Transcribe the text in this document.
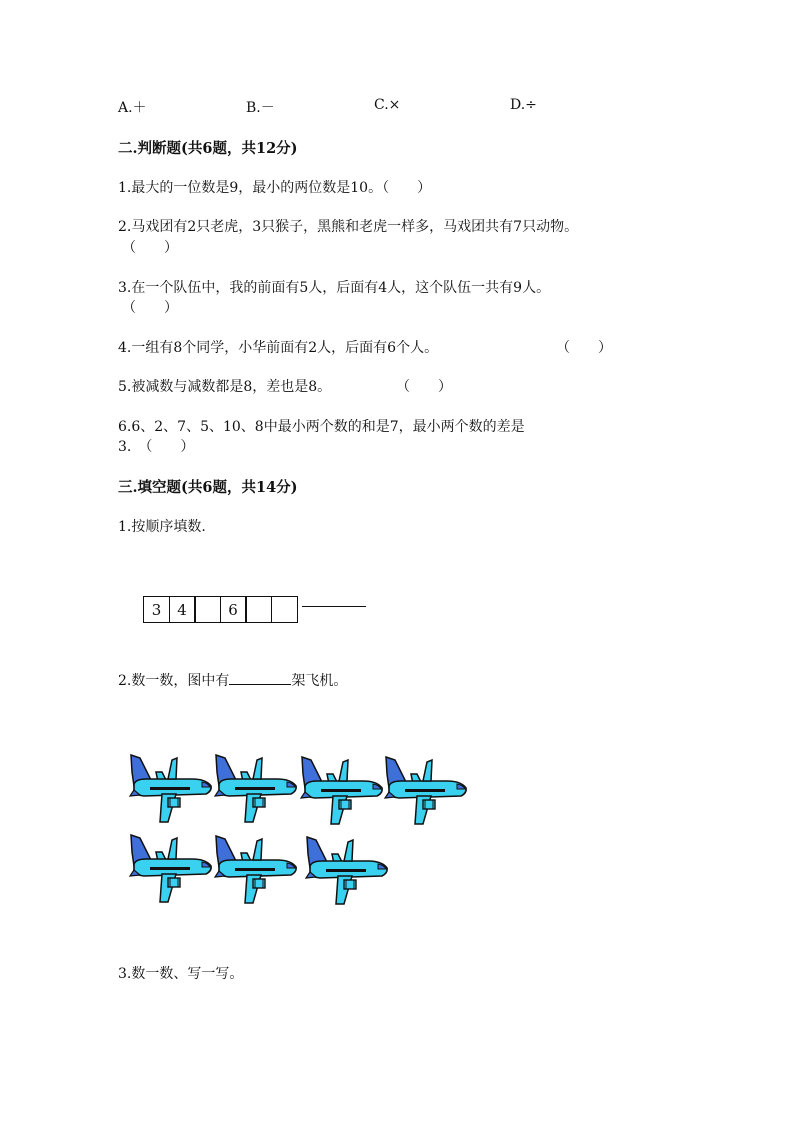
A.＋	B.－	C.×	D.÷
二.判断题(共6题，共12分)
1.最大的一位数是9，最小的两位数是10。（　　）
2.马戏团有2只老虎，3只猴子，黑熊和老虎一样多，马戏团共有7只动物。
（　　）
3.在一个队伍中，我的前面有5人，后面有4人，这个队伍一共有9人。
（　　）
4.一组有8个同学，小华前面有2人，后面有6个人。	（　　）
5.被减数与减数都是8，差也是8。	（　　）
6.6、2、7、5、10、8中最小两个数的和是7，最小两个数的差是
3.　（　　）
三.填空题(共6题，共14分)
1.按顺序填数.
3	4	6
2.数一数，图中有	架飞机。
3.数一数、写一写。
